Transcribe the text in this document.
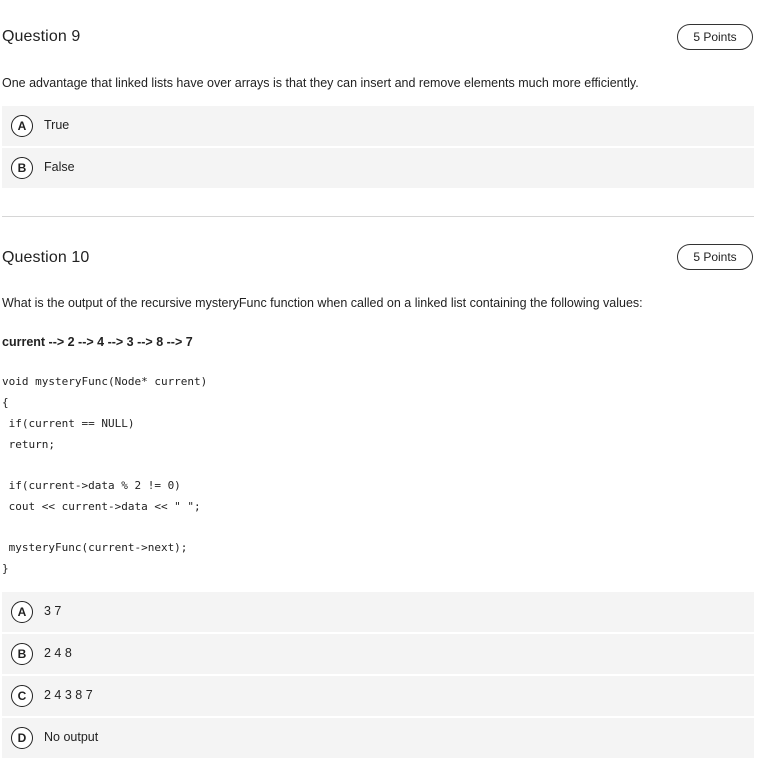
Question 9	5 Points
One advantage that linked lists have over arrays is that they can insert and remove elements much more efficiently.
A	True
B	False
Question 10	5 Points
What is the output of the recursive mysteryFunc function when called on a linked list containing the following values:
current --> 2 --> 4 --> 3 --> 8 --> 7
void mysteryFunc(Node* current)
{
if(current == NULL)
return;
if(current->data % 2 != 0)
cout << current->data << " ";
mysteryFunc(current->next);
}
A	3 7
B	2 4 8
C	2 4 3 8 7
D	No output
